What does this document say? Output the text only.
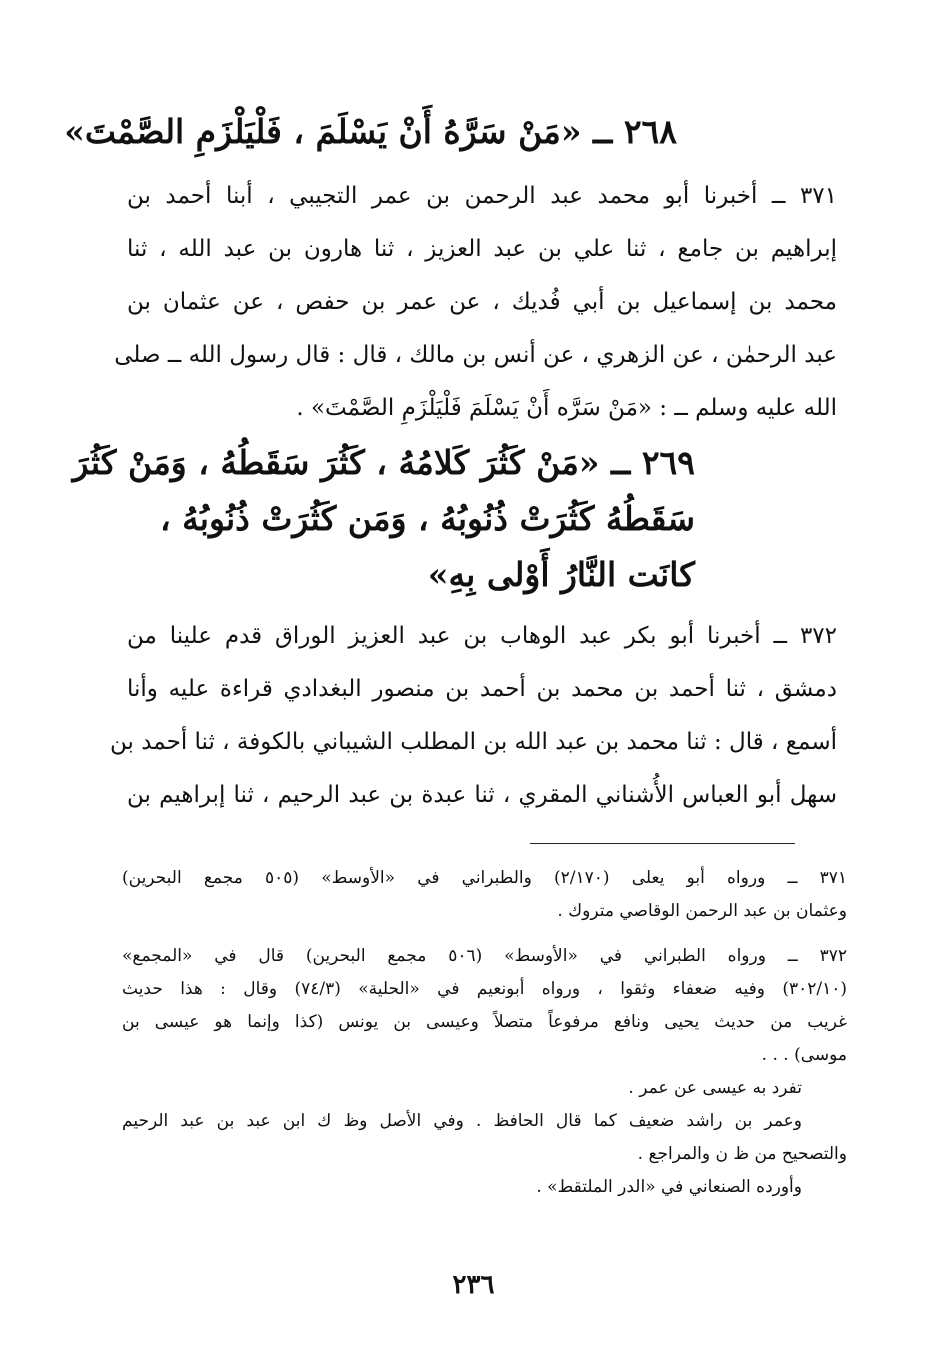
٢٦٨ ــ «مَنْ سَرَّهُ أَنْ يَسْلَمَ ، فَلْيَلْزَمِ الصَّمْتَ»
٣٧١ ــ أخبرنا أبو محمد عبد الرحمن بن عمر التجيبي ، أبنا أحمد بن
إبراهيم بن جامع ، ثنا علي بن عبد العزيز ، ثنا هارون بن عبد الله ، ثنا
محمد بن إسماعيل بن أبي فُديك ، عن عمر بن حفص ، عن عثمان بن
عبد الرحمٰن ، عن الزهري ، عن أنس بن مالك ، قال : قال رسول الله ــ صلى
الله عليه وسلم ــ : «مَنْ سَرَّه أَنْ يَسْلَمَ فَلْيَلْزَمِ الصَّمْتَ» .
٢٦٩ ــ «مَنْ كَثُرَ كَلامُهُ ، كَثُرَ سَقَطُهُ ، وَمَنْ كَثُرَ
سَقَطُهُ كَثُرَتْ ذُنُوبُهُ ، وَمَن كَثُرَتْ ذُنُوبُهُ ،
كانَت النَّارُ أَوْلى بِهِ»
٣٧٢ ــ أخبرنا أبو بكر عبد الوهاب بن عبد العزيز الوراق قدم علينا من
دمشق ، ثنا أحمد بن محمد بن أحمد بن منصور البغدادي قراءة عليه وأنا
أسمع ، قال : ثنا محمد بن عبد الله بن المطلب الشيباني بالكوفة ، ثنا أحمد بن
سهل أبو العباس الأُشناني المقري ، ثنا عبدة بن عبد الرحيم ، ثنا إبراهيم بن
٣٧١ ــ ورواه أبو يعلى (٢/١٧٠) والطبراني في «الأوسط» (٥٠٥ مجمع البحرين)
وعثمان بن عبد الرحمن الوقاصي متروك .
٣٧٢ ــ ورواه الطبراني في «الأوسط» (٥٠٦ مجمع البحرين) قال في «المجمع»
(٣٠٢/١٠) وفيه ضعفاء وثقوا ، ورواه أبونعيم في «الحلية» (٧٤/٣) وقال : هذا حديث
غريب من حديث يحيى ونافع مرفوعاً متصلاً وعيسى بن يونس (كذا وإنما هو عيسى بن
موسى) . . .
تفرد به عيسى عن عمر .
وعمر بن راشد ضعيف كما قال الحافظ . وفي الأصل وظ ك ابن عبد بن عبد الرحيم
والتصحيح من ظ ن والمراجع .
وأورده الصنعاني في «الدر الملتقط» .
٢٣٦
